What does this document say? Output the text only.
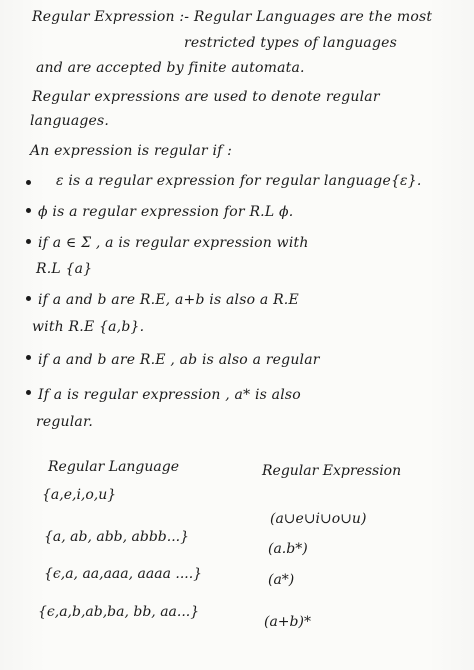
Regular Expression :- Regular Languages are the most
restricted types of languages
and are accepted by finite automata.
Regular expressions are used to denote regular
languages.
An expression is regular if :
ε is a regular expression for regular language{ε}.
ϕ is a regular expression for R.L ϕ.
if a ∈ Σ , a is regular expression with
R.L {a}
if a and b are R.E, a+b is also a R.E
with R.E {a,b}.
if a and b are R.E , ab is also a regular
If a is regular expression , a* is also
regular.
Regular Language	Regular Expression
{a,e,i,o,u}
(a∪e∪i∪o∪u)
{a, ab, abb, abbb...}
(a.b*)
{ϵ,a, aa,aaa, aaaa ....}	(a*)
{ϵ,a,b,ab,ba, bb, aa...}
(a+b)*
